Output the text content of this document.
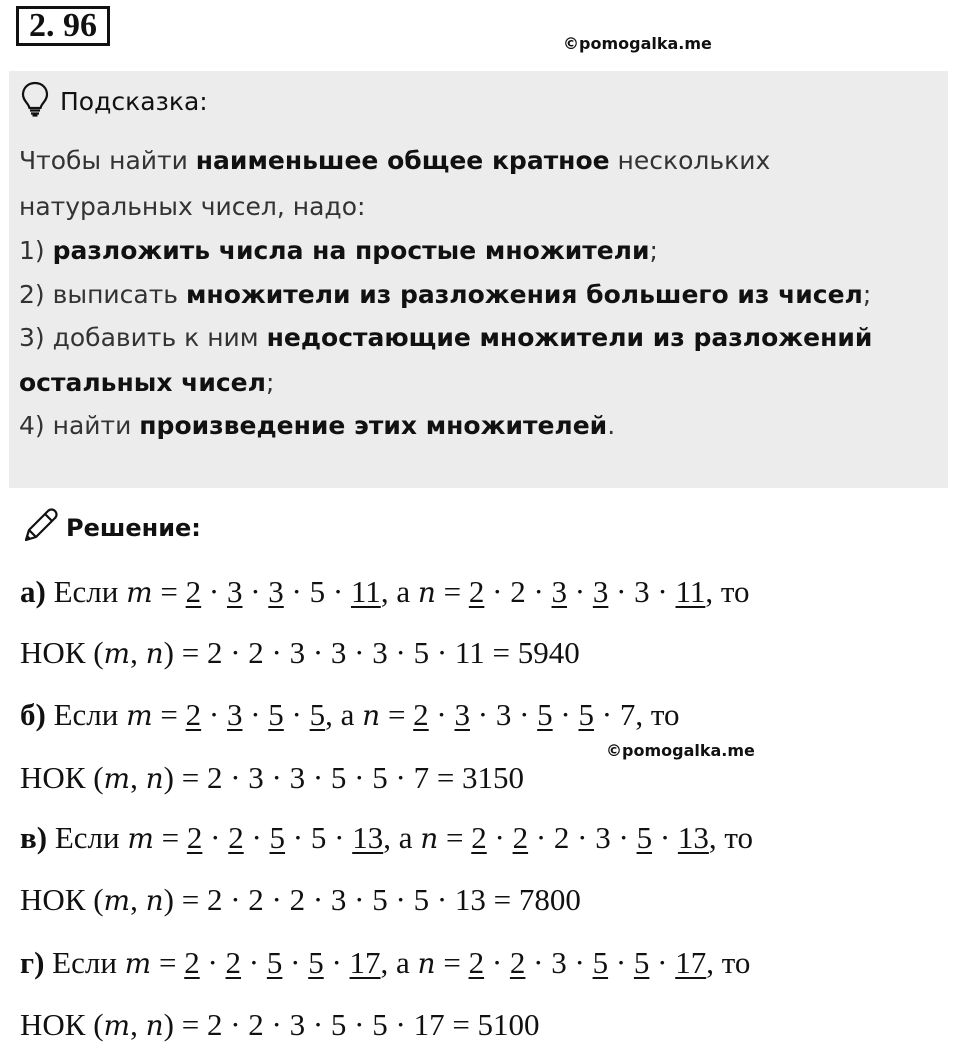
2. 96	©pomogalka.me
Подсказка:
Чтобы найти наименьшее общее кратное нескольких
натуральных чисел, надо:
1) разложить числа на простые множители;
2) выписать множители из разложения большего из чисел;
3) добавить к ним недостающие множители из разложений
остальных чисел;
4) найти произведение этих множителей.
Решение:
а) Если m = 2 · 3 · 3 · 5 · 11, а n = 2 · 2 · 3 · 3 · 3 · 11, то
НОК (m, n) = 2 · 2 · 3 · 3 · 3 · 5 · 11 = 5940
б) Если m = 2 · 3 · 5 · 5, а n = 2 · 3 · 3 · 5 · 5 · 7, то
НОК (m, n) = 2 · 3 · 3 · 5 · 5 · 7 = 3150
в) Если m = 2 · 2 · 5 · 5 · 13, а n = 2 · 2 · 2 · 3 · 5 · 13, то
НОК (m, n) = 2 · 2 · 2 · 3 · 5 · 5 · 13 = 7800
г) Если m = 2 · 2 · 5 · 5 · 17, а n = 2 · 2 · 3 · 5 · 5 · 17, то
НОК (m, n) = 2 · 2 · 3 · 5 · 5 · 17 = 5100
©pomogalka.me
